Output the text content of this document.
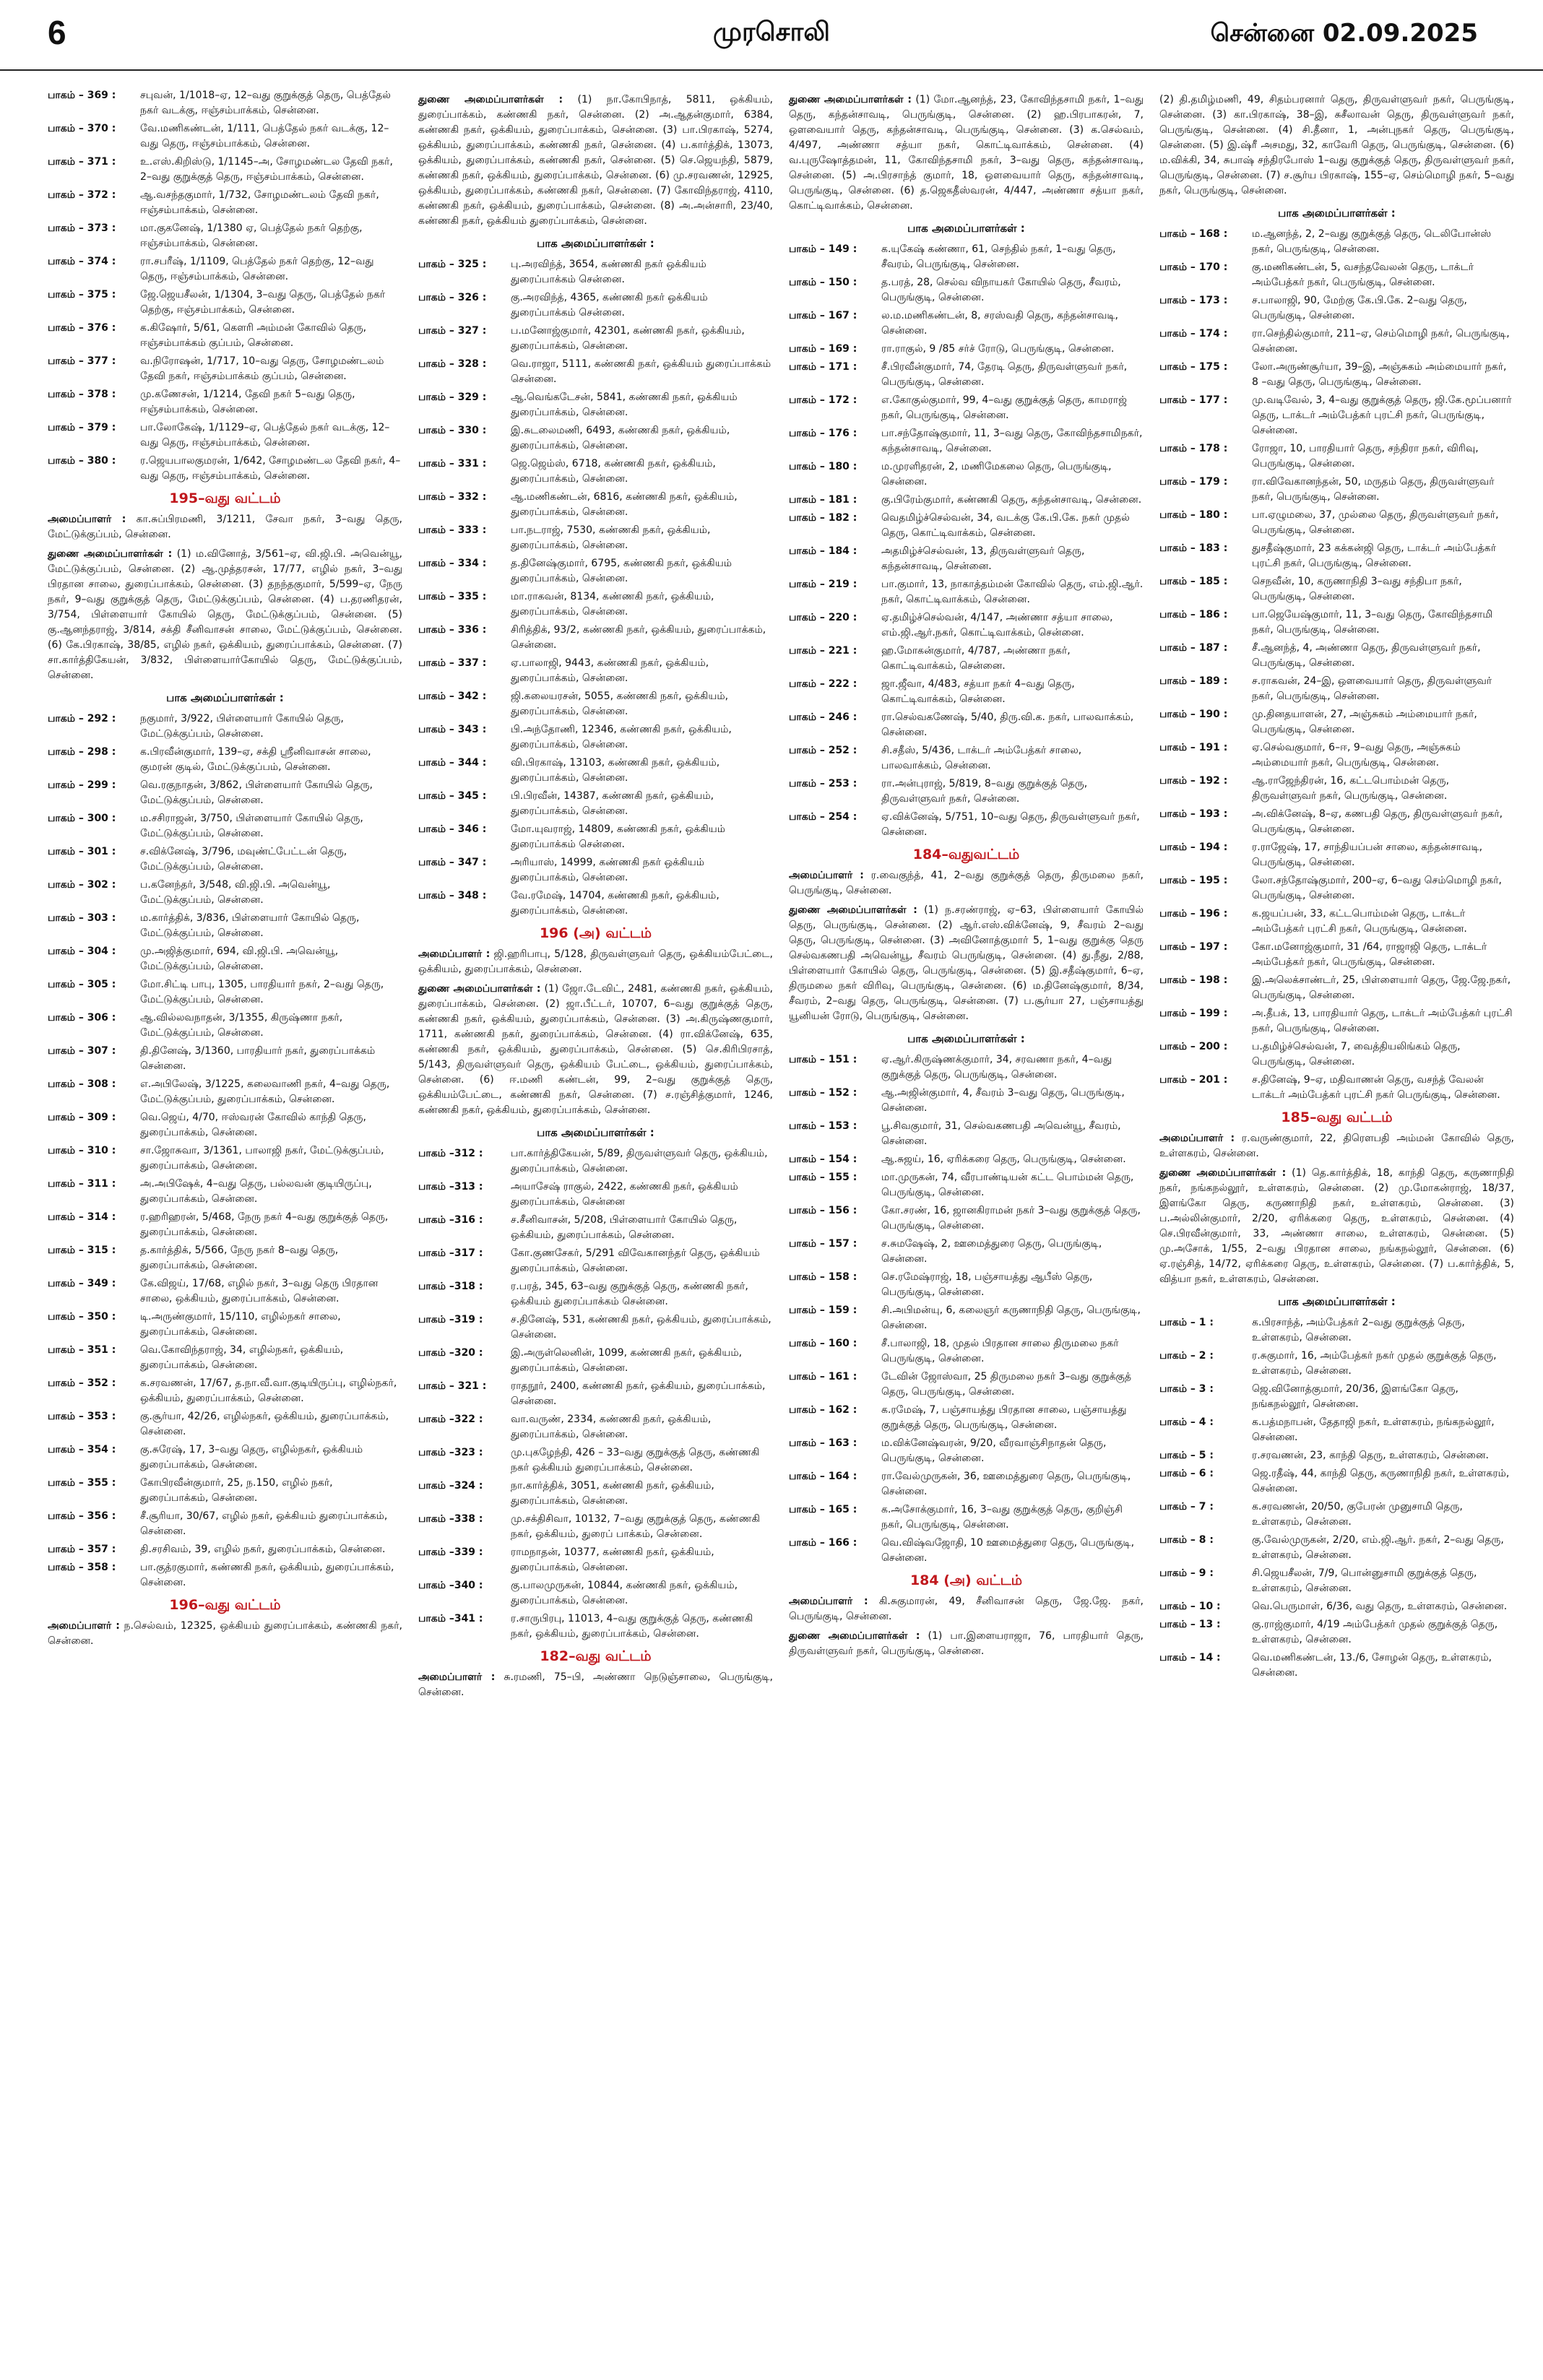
6	முரசொலி	சென்னை 02.09.2025
பாகம் – 369 :	சபுவன், 1/1018–ஏ, 12–வது குறுக்குத் தெரு, பெத்தேல் நகர் வடக்கு, ஈஞ்சம்பாக்கம், சென்னை.
பாகம் – 370 :	வே.மணிகண்டன், 1/111, பெத்தேல் நகர் வடக்கு, 12– வது தெரு, ஈஞ்சம்பாக்கம், சென்னை.
பாகம் – 371 :	உ.எஸ்.கிறிஸ்டு, 1/1145–அ, சோழமண்டல தேவி நகர், 2–வது குறுக்குத் தெரு, ஈஞ்சம்பாக்கம், சென்னை.
பாகம் – 372 :	ஆ.வசந்தகுமார், 1/732, சோழமண்டலம் தேவி நகர், ஈஞ்சம்பாக்கம், சென்னை.
பாகம் – 373 :	மா.குகனேஷ், 1/1380 ஏ, பெத்தேல் நகர் தெற்கு, ஈஞ்சம்பாக்கம், சென்னை.
பாகம் – 374 :	ரா.சபரீஷ், 1/1109, பெத்தேல் நகர் தெற்கு, 12–வது தெரு, ஈஞ்சம்பாக்கம், சென்னை.
பாகம் – 375 :	ஜே.ஜெயசீலன், 1/1304, 3–வது தெரு, பெத்தேல் நகர் தெற்கு, ஈஞ்சம்பாக்கம், சென்னை.
பாகம் – 376 :	க.கிஷோர், 5/61, கௌரி அம்மன் கோவில் தெரு, ஈஞ்சம்பாக்கம் குப்பம், சென்னை.
பாகம் – 377 :	வ.நிரோஷன், 1/717, 10–வது தெரு, சோழமண்டலம் தேவி நகர், ஈஞ்சம்பாக்கம் குப்பம், சென்னை.
பாகம் – 378 :	மு.கணேசன், 1/1214, தேவி நகர் 5–வது தெரு, ஈஞ்சம்பாக்கம், சென்னை.
பாகம் – 379 :	பா.லோகேஷ், 1/1129–ஏ, பெத்தேல் நகர் வடக்கு, 12–வது தெரு, ஈஞ்சம்பாக்கம், சென்னை.
பாகம் – 380 :	ர.ஜெயபாலகுமரன், 1/642, சோழமண்டல தேவி நகர், 4–வது தெரு, ஈஞ்சம்பாக்கம், சென்னை.
195–வது வட்டம்
அமைப்பாளர் : கா.சுப்பிரமணி, 3/1211, சேவா நகர், 3–வது தெரு, மேட்டுக்குப்பம், சென்னை.
துணை அமைப்பாளர்கள் : (1) ம.வினோத், 3/561–ஏ, வி.ஜி.பி. அவென்யூ, மேட்டுக்குப்பம், சென்னை. (2) ஆ.முத்தரசன், 17/77, எழில் நகர், 3–வது பிரதான சாலை, துரைப்பாக்கம், சென்னை. (3) தநந்தகுமார், 5/599–ஏ, நேரு நகர், 9–வது குறுக்குத் தெரு, மேட்டுக்குப்பம், சென்னை. (4) ப.தரணிதரன், 3/754, பிள்ளையார் கோயில் தெரு, மேட்டுக்குப்பம், சென்னை. (5) கு.ஆனந்தராஜ், 3/814, சக்தி சீனிவாசன் சாலை, மேட்டுக்குப்பம், சென்னை. (6) கே.பிரகாஷ், 38/85, எழில் நகர், ஒக்கியம், துரைப்பாக்கம், சென்னை. (7) சா.கார்த்திகேயன், 3/832, பிள்ளையார்கோயில் தெரு, மேட்டுக்குப்பம், சென்னை.
பாக அமைப்பாளர்கள் :
பாகம் – 292 :	நகுமார், 3/922, பிள்ளையார் கோயில் தெரு, மேட்டுக்குப்பம், சென்னை.
பாகம் – 298 :	க.பிரவீன்குமார், 139–ஏ, சக்தி ஸ்ரீனிவாசன் சாலை, குமரன் குடில், மேட்டுக்குப்பம், சென்னை.
பாகம் – 299 :	வெ.ரகுநாதன், 3/862, பிள்ளையார் கோயில் தெரு, மேட்டுக்குப்பம், சென்னை.
பாகம் – 300 :	ம.சசிராஜன், 3/750, பிள்ளையார் கோயில் தெரு, மேட்டுக்குப்பம், சென்னை.
பாகம் – 301 :	ச.விக்னேஷ், 3/796, மவுண்ட்பேட்டன் தெரு, மேட்டுக்குப்பம், சென்னை.
பாகம் – 302 :	ப.கனேந்தர், 3/548, வி.ஜி.பி. அவென்யூ, மேட்டுக்குப்பம், சென்னை.
பாகம் – 303 :	ம.கார்த்திக், 3/836, பிள்ளையார் கோயில் தெரு, மேட்டுக்குப்பம், சென்னை.
பாகம் – 304 :	மு.அஜித்குமார், 694, வி.ஜி.பி. அவென்யூ, மேட்டுக்குப்பம், சென்னை.
பாகம் – 305 :	மோ.சிட்டி பாபு, 1305, பாரதியார் நகர், 2–வது தெரு, மேட்டுக்குப்பம், சென்னை.
பாகம் – 306 :	ஆ.வில்லவநாதன், 3/1355, கிருஷ்ணா நகர், மேட்டுக்குப்பம், சென்னை.
பாகம் – 307 :	தி.தினேஷ், 3/1360, பாரதியார் நகர், துரைப்பாக்கம் சென்னை.
பாகம் – 308 :	எ.அபிலேஷ், 3/1225, கலைவாணி நகர், 4–வது தெரு, மேட்டுக்குப்பம், துரைப்பாக்கம், சென்னை.
பாகம் – 309 :	வெ.ஜெய், 4/70, ஈஸ்வரன் கோவில் காந்தி தெரு, துரைப்பாக்கம், சென்னை.
பாகம் – 310 :	சா.ஜோசுவா, 3/1361, பாலாஜி நகர், மேட்டுக்குப்பம், துரைப்பாக்கம், சென்னை.
பாகம் – 311 :	அ.அபிஷேக், 4–வது தெரு, பல்லவன் குடியிருப்பு, துரைப்பாக்கம், சென்னை.
பாகம் – 314 :	ர.ஹரிஹரன், 5/468, நேரு நகர் 4–வது குறுக்குத் தெரு, துரைப்பாக்கம், சென்னை.
பாகம் – 315 :	த.கார்த்திக், 5/566, நேரு நகர் 8–வது தெரு, துரைப்பாக்கம், சென்னை.
பாகம் – 349 :	கே.விஜய், 17/68, எழில் நகர், 3–வது தெரு பிரதான சாலை, ஒக்கியம், துரைப்பாக்கம், சென்னை.
பாகம் – 350 :	டி.அருண்குமார், 15/110, எழில்நகர் சாலை, துரைப்பாக்கம், சென்னை.
பாகம் – 351 :	வெ.கோவிந்தராஜ், 34, எழில்நகர், ஒக்கியம், துரைப்பாக்கம், சென்னை.
பாகம் – 352 :	க.சரவணன், 17/67, த.நா.வீ.வா.குடியிருப்பு, எழில்நகர், ஒக்கியம், துரைப்பாக்கம், சென்னை.
பாகம் – 353 :	கு.சூர்யா, 42/26, எழில்நகர், ஒக்கியம், துரைப்பாக்கம், சென்னை.
பாகம் – 354 :	கு.சுரேஷ், 17, 3–வது தெரு, எழில்நகர், ஒக்கியம் துரைப்பாக்கம், சென்னை.
பாகம் – 355 :	கோபிரவீன்குமார், 25, ந.150, எழில் நகர், துரைப்பாக்கம், சென்னை.
பாகம் – 356 :	சீ.சூரியா, 30/67, எழில் நகர், ஒக்கியம் துரைப்பாக்கம், சென்னை.
பாகம் – 357 :	தி.சரசிவம், 39, எழில் நகர், துரைப்பாக்கம், சென்னை.
பாகம் – 358 :	பா.குத்ரகுமார், கண்ணகி நகர், ஒக்கியம், துரைப்பாக்கம், சென்னை.
196–வது வட்டம்
அமைப்பாளர் : ந.செல்வம், 12325, ஒக்கியம் துரைப்பாக்கம், கண்ணகி நகர், சென்னை.
துணை அமைப்பாளர்கள் : (1) நா.கோபிநாத், 5811, ஒக்கியம், துரைப்பாக்கம், கண்ணகி நகர், சென்னை. (2) அ.ஆதன்குமார், 6384, கண்ணகி நகர், ஒக்கியம், துரைப்பாக்கம், சென்னை. (3) பா.பிரகாஷ், 5274, ஒக்கியம், துரைப்பாக்கம், கண்ணகி நகர், சென்னை. (4) ப.கார்த்திக், 13073, ஒக்கியம், துரைப்பாக்கம், கண்ணகி நகர், சென்னை. (5) செ.ஜெயந்தி, 5879, கண்ணகி நகர், ஒக்கியம், துரைப்பாக்கம், சென்னை. (6) மு.சரவணன், 12925, ஒக்கியம், துரைப்பாக்கம், கண்ணகி நகர், சென்னை. (7) கோவிந்தராஜ், 4110, கண்ணகி நகர், ஒக்கியம், துரைப்பாக்கம், சென்னை. (8) அ.அன்சாரி, 23/40, கண்ணகி நகர், ஒக்கியம் துரைப்பாக்கம், சென்னை.
பாக அமைப்பாளர்கள் :
பாகம் – 325 :	பு.அரவிந்த், 3654, கண்ணகி நகர் ஒக்கியம் துரைப்பாக்கம் சென்னை.
பாகம் – 326 :	கு.அரவிந்த், 4365, கண்ணகி நகர் ஒக்கியம் துரைப்பாக்கம் சென்னை.
பாகம் – 327 :	ப.மனோஜ்குமார், 42301, கண்ணகி நகர், ஒக்கியம், துரைப்பாக்கம், சென்னை.
பாகம் – 328 :	வெ.ராஜா, 5111, கண்ணகி நகர், ஒக்கியம் துரைப்பாக்கம் சென்னை.
பாகம் – 329 :	ஆ.வெங்கடேசன், 5841, கண்ணகி நகர், ஒக்கியம் துரைப்பாக்கம், சென்னை.
பாகம் – 330 :	இ.சுடலைமணி, 6493, கண்ணகி நகர், ஒக்கியம், துரைப்பாக்கம், சென்னை.
பாகம் – 331 :	ஜெ.ஜெம்ஸ், 6718, கண்ணகி நகர், ஒக்கியம், துரைப்பாக்கம், சென்னை.
பாகம் – 332 :	ஆ.மணிகண்டன், 6816, கண்ணகி நகர், ஒக்கியம், துரைப்பாக்கம், சென்னை.
பாகம் – 333 :	பா.நடராஜ், 7530, கண்ணகி நகர், ஒக்கியம், துரைப்பாக்கம், சென்னை.
பாகம் – 334 :	த.தினேஷ்குமார், 6795, கண்ணகி நகர், ஒக்கியம் துரைப்பாக்கம், சென்னை.
பாகம் – 335 :	மா.ராகவன், 8134, கண்ணகி நகர், ஒக்கியம், துரைப்பாக்கம், சென்னை.
பாகம் – 336 :	சிரித்திக், 93/2, கண்ணகி நகர், ஒக்கியம், துரைப்பாக்கம், சென்னை.
பாகம் – 337 :	ஏ.பாலாஜி, 9443, கண்ணகி நகர், ஒக்கியம், துரைப்பாக்கம், சென்னை.
பாகம் – 342 :	ஜி.கலையரசன், 5055, கண்ணகி நகர், ஒக்கியம், துரைப்பாக்கம், சென்னை.
பாகம் – 343 :	பி.அந்தோணி, 12346, கண்ணகி நகர், ஒக்கியம், துரைப்பாக்கம், சென்னை.
பாகம் – 344 :	வி.பிரகாஷ், 13103, கண்ணகி நகர், ஒக்கியம், துரைப்பாக்கம், சென்னை.
பாகம் – 345 :	பி.பிரவீன், 14387, கண்ணகி நகர், ஒக்கியம், துரைப்பாக்கம், சென்னை.
பாகம் – 346 :	மோ.யுவராஜ், 14809, கண்ணகி நகர், ஒக்கியம் துரைப்பாக்கம் சென்னை.
பாகம் – 347 :	அரியாஸ், 14999, கண்ணகி நகர் ஒக்கியம் துரைப்பாக்கம், சென்னை.
பாகம் – 348 :	வே.ரமேஷ், 14704, கண்ணகி நகர், ஒக்கியம், துரைப்பாக்கம், சென்னை.
196 (அ) வட்டம்
அமைப்பாளர் : ஜி.ஹரிபாபு, 5/128, திருவள்ளுவர் தெரு, ஒக்கியம்பேட்டை, ஒக்கியம், துரைப்பாக்கம், சென்னை.
துணை அமைப்பாளர்கள் : (1) ஜோ.டேவிட், 2481, கண்ணகி நகர், ஒக்கியம், துரைப்பாக்கம், சென்னை. (2) ஜா.பீட்டர், 10707, 6–வது குறுக்குத் தெரு, கண்ணகி நகர், ஒக்கியம், துரைப்பாக்கம், சென்னை. (3) அ.கிருஷ்ணகுமார், 1711, கண்ணகி நகர், துரைப்பாக்கம், சென்னை. (4) ரா.விக்னேஷ், 635, கண்ணகி நகர், ஒக்கியம், துரைப்பாக்கம், சென்னை. (5) செ.கிரிபிரசாத், 5/143, திருவள்ளுவர் தெரு, ஒக்கியம் பேட்டை, ஒக்கியம், துரைப்பாக்கம், சென்னை. (6) ஈ.மணி கண்டன், 99, 2–வது குறுக்குத் தெரு, ஒக்கியம்பேட்டை, கண்ணகி நகர், சென்னை. (7) ச.ரஞ்சித்குமார், 1246, கண்ணகி நகர், ஒக்கியம், துரைப்பாக்கம், சென்னை.
பாக அமைப்பாளர்கள் :
பாகம் –312 :	பா.கார்த்திகேயன், 5/89, திருவள்ளுவர் தெரு, ஒக்கியம், துரைப்பாக்கம், சென்னை.
பாகம் –313 :	அயாசேஷ் ராகுல், 2422, கண்ணகி நகர், ஒக்கியம் துரைப்பாக்கம், சென்னை
பாகம் –316 :	ச.சீனிவாசன், 5/208, பிள்ளையார் கோயில் தெரு, ஒக்கியம், துரைப்பாக்கம், சென்னை.
பாகம் –317 :	கோ.குணசேகர், 5/291 விவேகானந்தர் தெரு, ஒக்கியம் துரைப்பாக்கம், சென்னை.
பாகம் –318 :	ர.பரத், 345, 63–வது குறுக்குத் தெரு, கண்ணகி நகர், ஒக்கியம் துரைப்பாக்கம் சென்னை.
பாகம் –319 :	ச.தினேஷ், 531, கண்ணகி நகர், ஒக்கியம், துரைப்பாக்கம், சென்னை.
பாகம் –320 :	இ.அருள்லெனின், 1099, கண்ணகி நகர், ஒக்கியம், துரைப்பாக்கம், சென்னை.
பாகம் – 321 :	ராதநூர், 2400, கண்ணகி நகர், ஒக்கியம், துரைப்பாக்கம், சென்னை.
பாகம் –322 :	வா.வருண், 2334, கண்ணகி நகர், ஒக்கியம், துரைப்பாக்கம், சென்னை.
பாகம் –323 :	மு.புகழேந்தி, 426 – 33–வது குறுக்குத் தெரு, கண்ணகி நகர் ஒக்கியம் துரைப்பாக்கம், சென்னை.
பாகம் –324 :	நா.கார்த்திக், 3051, கண்ணகி நகர், ஒக்கியம், துரைப்பாக்கம், சென்னை.
பாகம் –338 :	மு.சக்திசிவா, 10132, 7–வது குறுக்குத் தெரு, கண்ணகி நகர், ஒக்கியம், துரைப் பாக்கம், சென்னை.
பாகம் –339 :	ராமநாதன், 10377, கண்ணகி நகர், ஒக்கியம், துரைப்பாக்கம், சென்னை.
பாகம் –340 :	கு.பாலமுருகன், 10844, கண்ணகி நகர், ஒக்கியம், துரைப்பாக்கம், சென்னை.
பாகம் –341 :	ர.சாருபிரபு, 11013, 4–வது குறுக்குத் தெரு, கண்ணகி நகர், ஒக்கியம், துரைப்பாக்கம், சென்னை.
182–வது வட்டம்
அமைப்பாளர் : சு.ரமணி, 75–பி, அண்ணா நெடுஞ்சாலை, பெருங்குடி, சென்னை.
துணை அமைப்பாளர்கள் : (1) மோ.ஆனந்த், 23, கோவிந்தசாமி நகர், 1–வது தெரு, கந்தன்சாவடி, பெருங்குடி, சென்னை. (2) ஹ.பிரபாகரன், 7, ஒளவையார் தெரு, கந்தன்சாவடி, பெருங்குடி, சென்னை. (3) க.செல்வம், 4/497, அண்ணா சத்யா நகர், கொட்டிவாக்கம், சென்னை. (4) வ.புருஷோத்தமன், 11, கோவிந்தசாமி நகர், 3–வது தெரு, கந்தன்சாவடி, சென்னை. (5) அ.பிரசாந்த் குமார், 18, ஒளவையார் தெரு, கந்தன்சாவடி, பெருங்குடி, சென்னை. (6) த.ஜெகதீஸ்வரன், 4/447, அண்ணா சத்யா நகர், கொட்டிவாக்கம், சென்னை.
பாக அமைப்பாளர்கள் :
பாகம் – 149 :	க.யுகேஷ் கண்ணா, 61, செந்தில் நகர், 1–வது தெரு, சீவரம், பெருங்குடி, சென்னை.
பாகம் – 150 :	த.பரத், 28, செல்வ விநாயகர் கோயில் தெரு, சீவரம், பெருங்குடி, சென்னை.
பாகம் – 167 :	ல.ம.மணிகண்டன், 8, சரஸ்வதி தெரு, கந்தன்சாவடி, சென்னை.
பாகம் – 169 :	ரா.ராகுல், 9 /85 சர்ச் ரோடு, பெருங்குடி, சென்னை.
பாகம் – 171 :	சீ.பிரவீன்குமார், 74, தேரடி தெரு, திருவள்ளுவர் நகர், பெருங்குடி, சென்னை.
பாகம் – 172 :	எ.கோகுல்குமார், 99, 4–வது குறுக்குத் தெரு, காமராஜ் நகர், பெருங்குடி, சென்னை.
பாகம் – 176 :	பா.சந்தோஷ்குமார், 11, 3–வது தெரு, கோவிந்தசாமிநகர், கந்தன்சாவடி, சென்னை.
பாகம் – 180 :	ம.முரளிதரன், 2, மணிமேகலை தெரு, பெருங்குடி, சென்னை.
பாகம் – 181 :	கு.பிரேம்குமார், கண்ணகி தெரு, கந்தன்சாவடி, சென்னை.
பாகம் – 182 :	வெதமிழ்ச்செல்வன், 34, வடக்கு கே.பி.கே. நகர் முதல் தெரு, கொட்டிவாக்கம், சென்னை.
பாகம் – 184 :	அதமிழ்ச்செல்வன், 13, திருவள்ளுவர் தெரு, கந்தன்சாவடி, சென்னை.
பாகம் – 219 :	பா.குமார், 13, நாகாத்தம்மன் கோவில் தெரு, எம்.ஜி.ஆர். நகர், கொட்டிவாக்கம், சென்னை.
பாகம் – 220 :	ஏ.தமிழ்ச்செல்வன், 4/147, அண்ணா சத்யா சாலை, எம்.ஜி.ஆர்.நகர், கொட்டிவாக்கம், சென்னை.
பாகம் – 221 :	ஹ.மோகன்குமார், 4/787, அண்ணா நகர், கொட்டிவாக்கம், சென்னை.
பாகம் – 222 :	ஜா.ஜீவா, 4/483, சத்யா நகர் 4–வது தெரு, கொட்டிவாக்கம், சென்னை.
பாகம் – 246 :	ரா.செல்வகணேஷ், 5/40, திரு.வி.க. நகர், பாலவாக்கம், சென்னை.
பாகம் – 252 :	சி.சதீஸ், 5/436, டாக்டர் அம்பேத்கர் சாலை, பாலவாக்கம், சென்னை.
பாகம் – 253 :	ரா.அன்புராஜ், 5/819, 8–வது குறுக்குத் தெரு, திருவள்ளுவர் நகர், சென்னை.
பாகம் – 254 :	ஏ.விக்னேஷ், 5/751, 10–வது தெரு, திருவள்ளுவர் நகர், சென்னை.
184–வதுவட்டம்
அமைப்பாளர் : ர.வைகுந்த், 41, 2–வது குறுக்குத் தெரு, திருமலை நகர், பெருங்குடி, சென்னை.
துணை அமைப்பாளர்கள் : (1) ந.சரண்ராஜ், ஏ–63, பிள்ளையார் கோயில் தெரு, பெருங்குடி, சென்னை. (2) ஆர்.எஸ்.விக்னேஷ், 9, சீவரம் 2–வது தெரு, பெருங்குடி, சென்னை. (3) அவினோத்குமார் 5, 1–வது குறுக்கு தெரு செல்வகணபதி அவென்யூ, சீவரம் பெருங்குடி, சென்னை. (4) து.நீது, 2/88, பிள்ளையார் கோயில் தெரு, பெருங்குடி, சென்னை. (5) இ.சதீஷ்குமார், 6–ஏ, திருமலை நகர் விரிவு, பெருங்குடி, சென்னை. (6) ம.தினேஷ்குமார், 8/34, சீவரம், 2–வது தெரு, பெருங்குடி, சென்னை. (7) ப.சூர்யா 27, பஞ்சாயத்து யூனியன் ரோடு, பெருங்குடி, சென்னை.
பாக அமைப்பாளர்கள் :
பாகம் – 151 :	ஏ.ஆர்.கிருஷ்ணக்குமார், 34, சரவணா நகர், 4–வது குறுக்குத் தெரு, பெருங்குடி, சென்னை.
பாகம் – 152 :	ஆ.அஜின்குமார், 4, சீவரம் 3–வது தெரு, பெருங்குடி, சென்னை.
பாகம் – 153 :	பூ.சிவகுமார், 31, செல்வகணபதி அவென்யூ, சீவரம், சென்னை.
பாகம் – 154 :	ஆ.சுஜய், 16, ஏரிக்கரை தெரு, பெருங்குடி, சென்னை.
பாகம் – 155 :	மா.முருகன், 74, வீரபாண்டியன் கட்ட பொம்மன் தெரு, பெருங்குடி, சென்னை.
பாகம் – 156 :	கோ.சரண், 16, ஜானகிராமன் நகர் 3–வது குறுக்குத் தெரு, பெருங்குடி, சென்னை.
பாகம் – 157 :	ச.சுமஷேஷ், 2, ஊமைத்துரை தெரு, பெருங்குடி, சென்னை.
பாகம் – 158 :	செ.ரமேஷ்ராஜ், 18, பஞ்சாயத்து ஆபீஸ் தெரு, பெருங்குடி, சென்னை.
பாகம் – 159 :	சி.அபிமன்யு, 6, கலைஞர் கருணாநிதி தெரு, பெருங்குடி, சென்னை.
பாகம் – 160 :	சீ.பாலாஜி, 18, முதல் பிரதான சாலை திருமலை நகர் பெருங்குடி, சென்னை.
பாகம் – 161 :	டேவின் ஜோஸ்வா, 25 திருமலை நகர் 3–வது குறுக்குத் தெரு, பெருங்குடி, சென்னை.
பாகம் – 162 :	க.ரமேஷ், 7, பஞ்சாயத்து பிரதான சாலை, பஞ்சாயத்து குறுக்குத் தெரு, பெருங்குடி, சென்னை.
பாகம் – 163 :	ம.விக்னேஷ்வரன், 9/20, வீரவாஞ்சிநாதன் தெரு, பெருங்குடி, சென்னை.
பாகம் – 164 :	ரா.வேல்முருகன், 36, ஊமைத்துரை தெரு, பெருங்குடி, சென்னை.
பாகம் – 165 :	க.அசோக்குமார், 16, 3–வது குறுக்குத் தெரு, குறிஞ்சி நகர், பெருங்குடி, சென்னை.
பாகம் – 166 :	வெ.விஷ்வஜோதி, 10 ஊமைத்துரை தெரு, பெருங்குடி, சென்னை.
184 (அ) வட்டம்
அமைப்பாளர் : கி.சுகுமாரன், 49, சீனிவாசன் தெரு, ஜே.ஜே. நகர், பெருங்குடி, சென்னை.
துணை அமைப்பாளர்கள் : (1) பா.இளையராஜா, 76, பாரதியார் தெரு, திருவள்ளுவர் நகர், பெருங்குடி, சென்னை.
(2) தி.தமிழ்மணி, 49, சிதம்பரனார் தெரு, திருவள்ளுவர் நகர், பெருங்குடி, சென்னை. (3) கா.பிரகாஷ், 38–இ, சுசீலாவன் தெரு, திருவள்ளுவர் நகர், பெருங்குடி, சென்னை. (4) சி.தீனா, 1, அன்புநகர் தெரு, பெருங்குடி, சென்னை. (5) இ.ஷ்ரீ அசமது, 32, காவேரி தெரு, பெருங்குடி, சென்னை. (6) ம.விக்கி, 34, சுபாஷ் சந்திரபோஸ் 1–வது குறுக்குத் தெரு, திருவள்ளுவர் நகர், பெருங்குடி, சென்னை. (7) ச.சூர்ய பிரகாஷ், 155–ஏ, செம்மொழி நகர், 5–வது நகர், பெருங்குடி, சென்னை.
பாக அமைப்பாளர்கள் :
பாகம் – 168 :	ம.ஆனந்த், 2, 2–வது குறுக்குத் தெரு, டெலிபோன்ஸ் நகர், பெருங்குடி, சென்னை.
பாகம் – 170 :	கு.மணிகண்டன், 5, வசந்தவேலன் தெரு, டாக்டர் அம்பேத்கர் நகர், பெருங்குடி, சென்னை.
பாகம் – 173 :	ச.பாலாஜி, 90, மேற்கு கே.பி.கே. 2–வது தெரு, பெருங்குடி, சென்னை.
பாகம் – 174 :	ரா.செந்தில்குமார், 211–ஏ, செம்மொழி நகர், பெருங்குடி, சென்னை.
பாகம் – 175 :	லோ.அருண்சூர்யா, 39–இ, அஞ்சுகம் அம்மையார் நகர், 8 –வது தெரு, பெருங்குடி, சென்னை.
பாகம் – 177 :	மு.வடிவேல், 3, 4–வது குறுக்குத் தெரு, ஜி.கே.மூப்பனார் தெரு, டாக்டர் அம்பேத்கர் புரட்சி நகர், பெருங்குடி, சென்னை.
பாகம் – 178 :	ரோஜா, 10, பாரதியார் தெரு, சந்திரா நகர், விரிவு, பெருங்குடி, சென்னை.
பாகம் – 179 :	ரா.விவேகானந்தன், 50, மருதம் தெரு, திருவள்ளுவர் நகர், பெருங்குடி, சென்னை.
பாகம் – 180 :	பா.ஏழுமலை, 37, முல்லை தெரு, திருவள்ளுவர் நகர், பெருங்குடி, சென்னை.
பாகம் – 183 :	துசதீஷ்குமார், 23 கக்கன்ஜி தெரு, டாக்டர் அம்பேத்கர் புரட்சி நகர், பெருங்குடி, சென்னை.
பாகம் – 185 :	செநவீன், 10, கருணாநிதி 3–வது சந்திபா நகர், பெருங்குடி, சென்னை.
பாகம் – 186 :	பா.ஜெயேஷ்குமார், 11, 3–வது தெரு, கோவிந்தசாமி நகர், பெருங்குடி, சென்னை.
பாகம் – 187 :	சீ.ஆனந்த், 4, அண்ணா தெரு, திருவள்ளுவர் நகர், பெருங்குடி, சென்னை.
பாகம் – 189 :	ச.ராகவன், 24–இ, ஒளவையார் தெரு, திருவள்ளுவர் நகர், பெருங்குடி, சென்னை.
பாகம் – 190 :	மு.தினதயாளன், 27, அஞ்சுகம் அம்மையார் நகர், பெருங்குடி, சென்னை.
பாகம் – 191 :	ஏ.செல்வகுமார், 6–ஈ, 9–வது தெரு, அஞ்சுகம் அம்மையார் நகர், பெருங்குடி, சென்னை.
பாகம் – 192 :	ஆ.ராஜேந்திரன், 16, கட்டபொம்மன் தெரு, திருவள்ளுவர் நகர், பெருங்குடி, சென்னை.
பாகம் – 193 :	அ.விக்னேஷ், 8–ஏ, கணபதி தெரு, திருவள்ளுவர் நகர், பெருங்குடி, சென்னை.
பாகம் – 194 :	ர.ராஜேஷ், 17, சாந்தியப்பன் சாலை, கந்தன்சாவடி, பெருங்குடி, சென்னை.
பாகம் – 195 :	லோ.சந்தோஷ்குமார், 200–ஏ, 6–வது செம்மொழி நகர், பெருங்குடி, சென்னை.
பாகம் – 196 :	க.ஜயப்பன், 33, கட்டபொம்மன் தெரு, டாக்டர் அம்பேத்கர் புரட்சி நகர், பெருங்குடி, சென்னை.
பாகம் – 197 :	கோ.மனோஜ்குமார், 31 /64, ராஜாஜி தெரு, டாக்டர் அம்பேத்கர் நகர், பெருங்குடி, சென்னை.
பாகம் – 198 :	இ.அலெக்சாண்டர், 25, பிள்ளையார் தெரு, ஜே.ஜே.நகர், பெருங்குடி, சென்னை.
பாகம் – 199 :	அ.தீபக், 13, பாரதியார் தெரு, டாக்டர் அம்பேத்கர் புரட்சி நகர், பெருங்குடி, சென்னை.
பாகம் – 200 :	ப.தமிழ்ச்செல்வன், 7, வைத்தியலிங்கம் தெரு, பெருங்குடி, சென்னை.
பாகம் – 201 :	ச.தினேஷ், 9–ஏ, மதிவாணன் தெரு, வசந்த் வேலன் டாக்டர் அம்பேத்கர் புரட்சி நகர் பெருங்குடி, சென்னை.
185–வது வட்டம்
அமைப்பாளர் : ர.வருண்குமார், 22, திரௌபதி அம்மன் கோவில் தெரு, உள்ளகரம், சென்னை.
துணை அமைப்பாளர்கள் : (1) தெ.கார்த்திக், 18, காந்தி தெரு, கருணாநிதி நகர், நங்கநல்லூர், உள்ளகரம், சென்னை. (2) மு.மோகன்ராஜ், 18/37, இளங்கோ தெரு, கருணாநிதி நகர், உள்ளகரம், சென்னை. (3) ப.அல்லின்குமார், 2/20, ஏரிக்கரை தெரு, உள்ளகரம், சென்னை. (4) செ.பிரவீன்குமார், 33, அண்ணா சாலை, உள்ளகரம், சென்னை. (5) மு.அசோக், 1/55, 2–வது பிரதான சாலை, நங்கநல்லூர், சென்னை. (6) ஏ.ரஞ்சித், 14/72, ஏரிக்கரை தெரு, உள்ளகரம், சென்னை. (7) ப.கார்த்திக், 5, வித்யா நகர், உள்ளகரம், சென்னை.
பாக அமைப்பாளர்கள் :
பாகம் – 1 :	க.பிரசாந்த், அம்பேத்கர் 2–வது குறுக்குத் தெரு, உள்ளகரம், சென்னை.
பாகம் – 2 :	ர.சுகுமார், 16, அம்பேத்கர் நகர் முதல் குறுக்குத் தெரு, உள்ளகரம், சென்னை.
பாகம் – 3 :	ஜெ.வினோத்குமார், 20/36, இளங்கோ தெரு, நங்கநல்லூர், சென்னை.
பாகம் – 4 :	க.பத்மநாபன், தேதாஜி நகர், உள்ளகரம், நங்கநல்லூர், சென்னை.
பாகம் – 5 :	ர.சரவணன், 23, காந்தி தெரு, உள்ளகரம், சென்னை.
பாகம் – 6 :	ஜெ.ரதீஷ், 44, காந்தி தெரு, கருணாநிதி நகர், உள்ளகரம், சென்னை.
பாகம் – 7 :	க.சரவணன், 20/50, குபேரன் முனுசாமி தெரு, உள்ளகரம், சென்னை.
பாகம் – 8 :	கு.வேல்முருகன், 2/20, எம்.ஜி.ஆர். நகர், 2–வது தெரு, உள்ளகரம், சென்னை.
பாகம் – 9 :	சி.ஜெயசீலன், 7/9, பொன்னுசாமி குறுக்குத் தெரு, உள்ளகரம், சென்னை.
பாகம் – 10 :	வெ.பெருமாள், 6/36, வது தெரு, உள்ளகரம், சென்னை.
பாகம் – 13 :	கு.ராஜ்குமார், 4/19 அம்பேத்கர் முதல் குறுக்குத் தெரு, உள்ளகரம், சென்னை.
பாகம் – 14 :	வெ.மணிகண்டன், 13./6, சோழன் தெரு, உள்ளகரம், சென்னை.
